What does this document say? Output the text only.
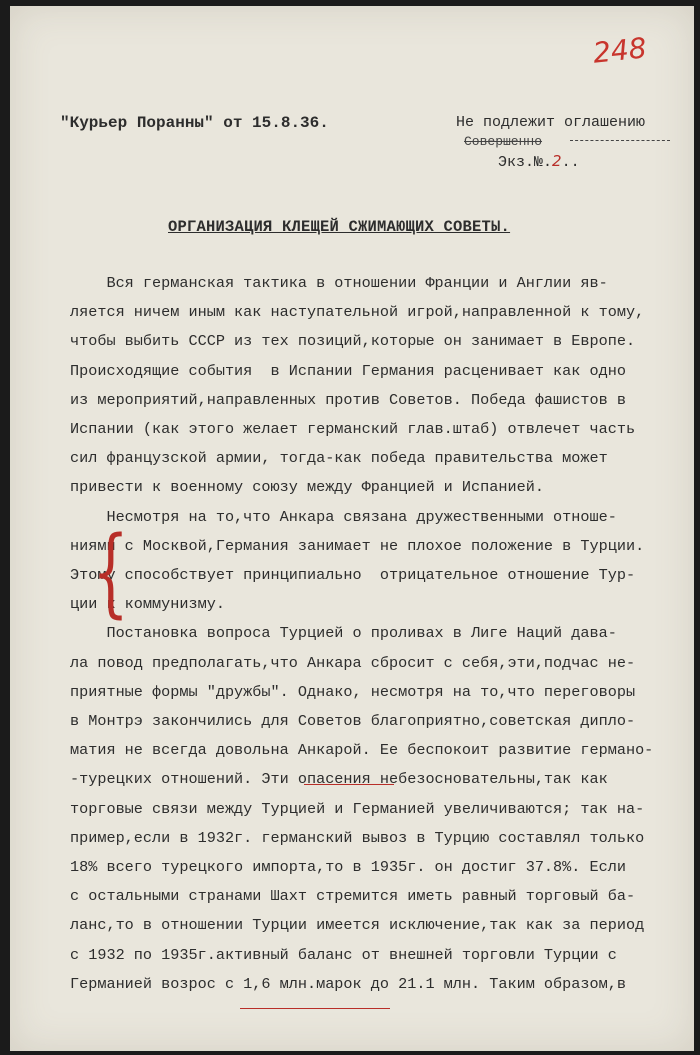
248
"Курьер Поранны" от 15.8.36.	Не подлежит оглашению
Совершенно
Экз.№.2..
ОРГАНИЗАЦИЯ КЛЕЩЕЙ СЖИМАЮЩИХ СОВЕТЫ.
Вся германская тактика в отношении Франции и Англии яв-
ляется ничем иным как наступательной игрой,направленной к тому,
чтобы выбить СССР из тех позиций,которые он занимает в Европе.
Происходящие события  в Испании Германия расценивает как одно
из мероприятий,направленных против Советов. Победа фашистов в
Испании (как этого желает германский глав.штаб) отвлечет часть
сил французской армии, тогда-как победа правительства может
привести к военному союзу между Францией и Испанией.
Несмотря на то,что Анкара связана дружественными отноше-
ниями с Москвой,Германия занимает не плохое положение в Турции.
Этому способствует принципиально  отрицательное отношение Тур-
ции к коммунизму.
Постановка вопроса Турцией о проливах в Лиге Наций дава-
ла повод предполагать,что Анкара сбросит с себя,эти,подчас не-
приятные формы "дружбы". Однако, несмотря на то,что переговоры
в Монтрэ закончились для Советов благоприятно,советская дипло-
матия не всегда довольна Анкарой. Ее беспокоит развитие германо-
-турецких отношений. Эти опасения небезосновательны,так как
торговые связи между Турцией и Германией увеличиваются; так на-
пример,если в 1932г. германский вывоз в Турцию составлял только
18% всего турецкого импорта,то в 1935г. он достиг 37.8%. Если
с остальными странами Шахт стремится иметь равный торговый ба-
ланс,то в отношении Турции имеется исключение,так как за период
с 1932 по 1935г.активный баланс от внешней торговли Турции с
Германией возрос с 1,6 млн.марок до 21.1 млн. Таким образом,в
{
